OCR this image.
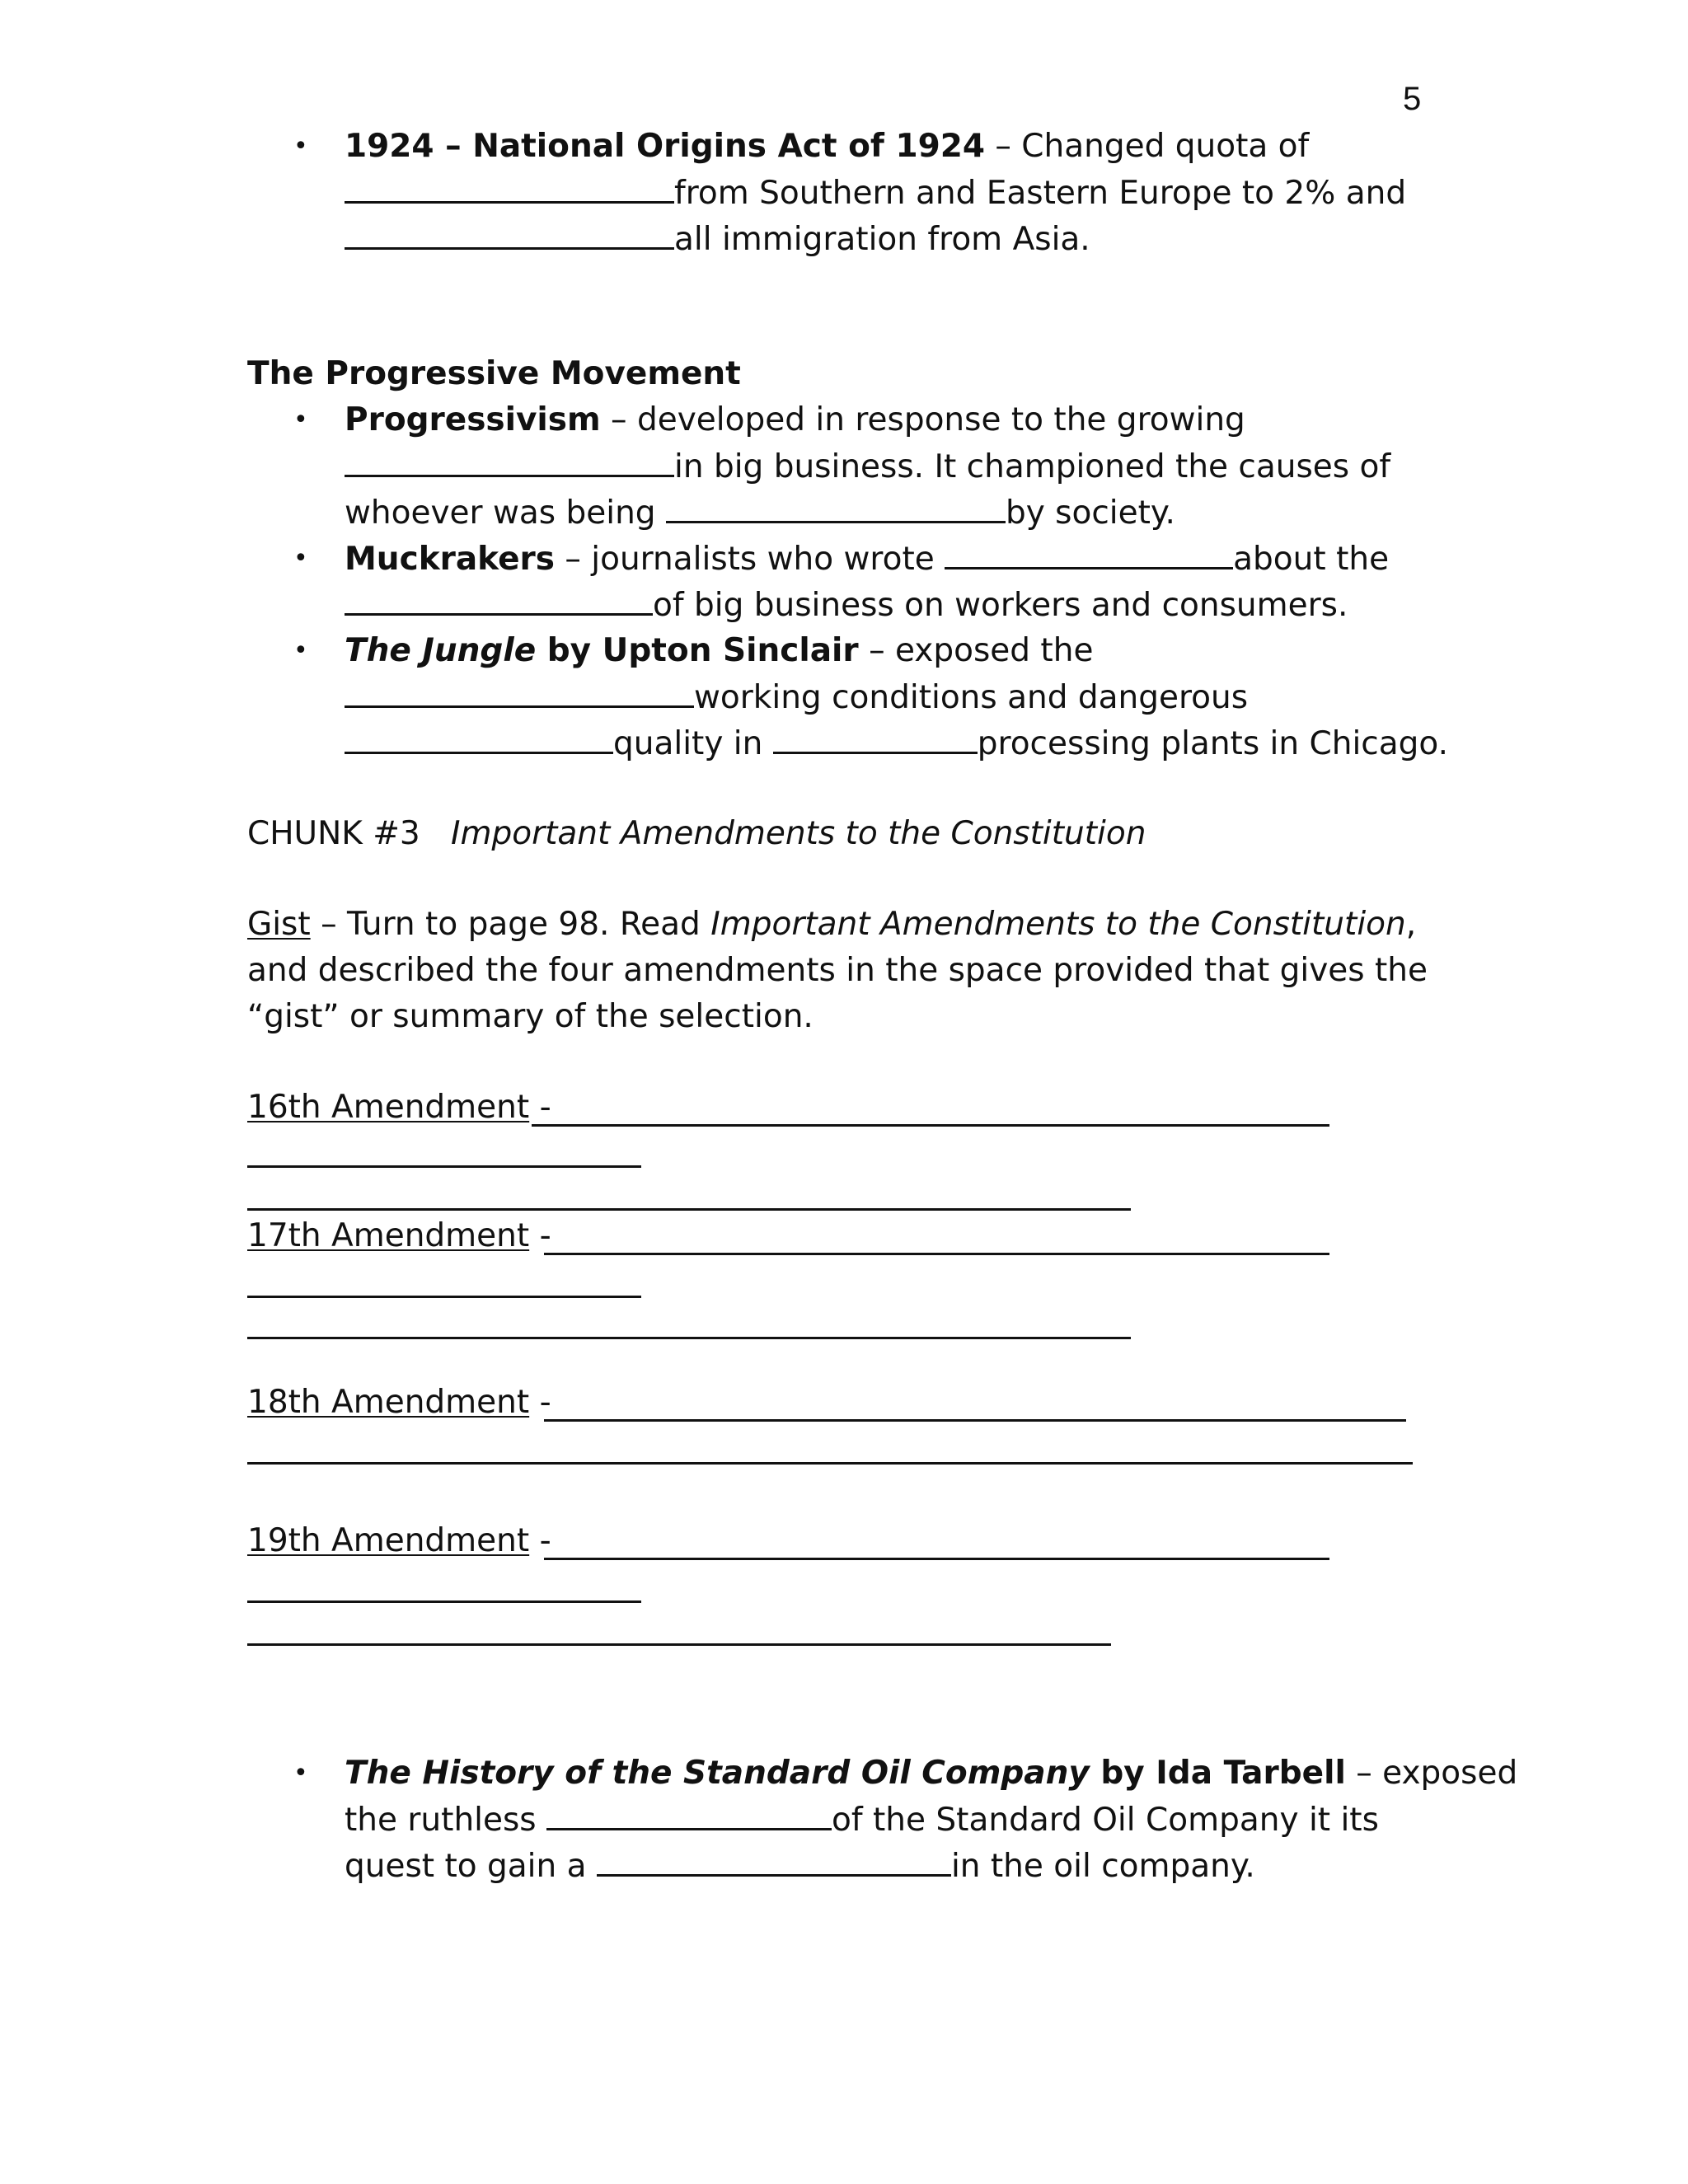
5
• 1924 – National Origins Act of 1924 – Changed quota of
from Southern and Eastern Europe to 2% and
all immigration from Asia.
The Progressive Movement
• Progressivism – developed in response to the growing
in big business. It championed the causes of
whoever was being	by society.
• Muckrakers – journalists who wrote	about the
of big business on workers and consumers.
• The Jungle by Upton Sinclair – exposed the
working conditions and dangerous
quality in	processing plants in Chicago.
CHUNK #3 Important Amendments to the Constitution
Gist – Turn to page 98. Read Important Amendments to the Constitution,
and described the four amendments in the space provided that gives the
“gist” or summary of the selection.
16th Amendment -
17th Amendment -
18th Amendment -
19th Amendment -
• The History of the Standard Oil Company by Ida Tarbell – exposed
the ruthless	of the Standard Oil Company it its
quest to gain a	in the oil company.
